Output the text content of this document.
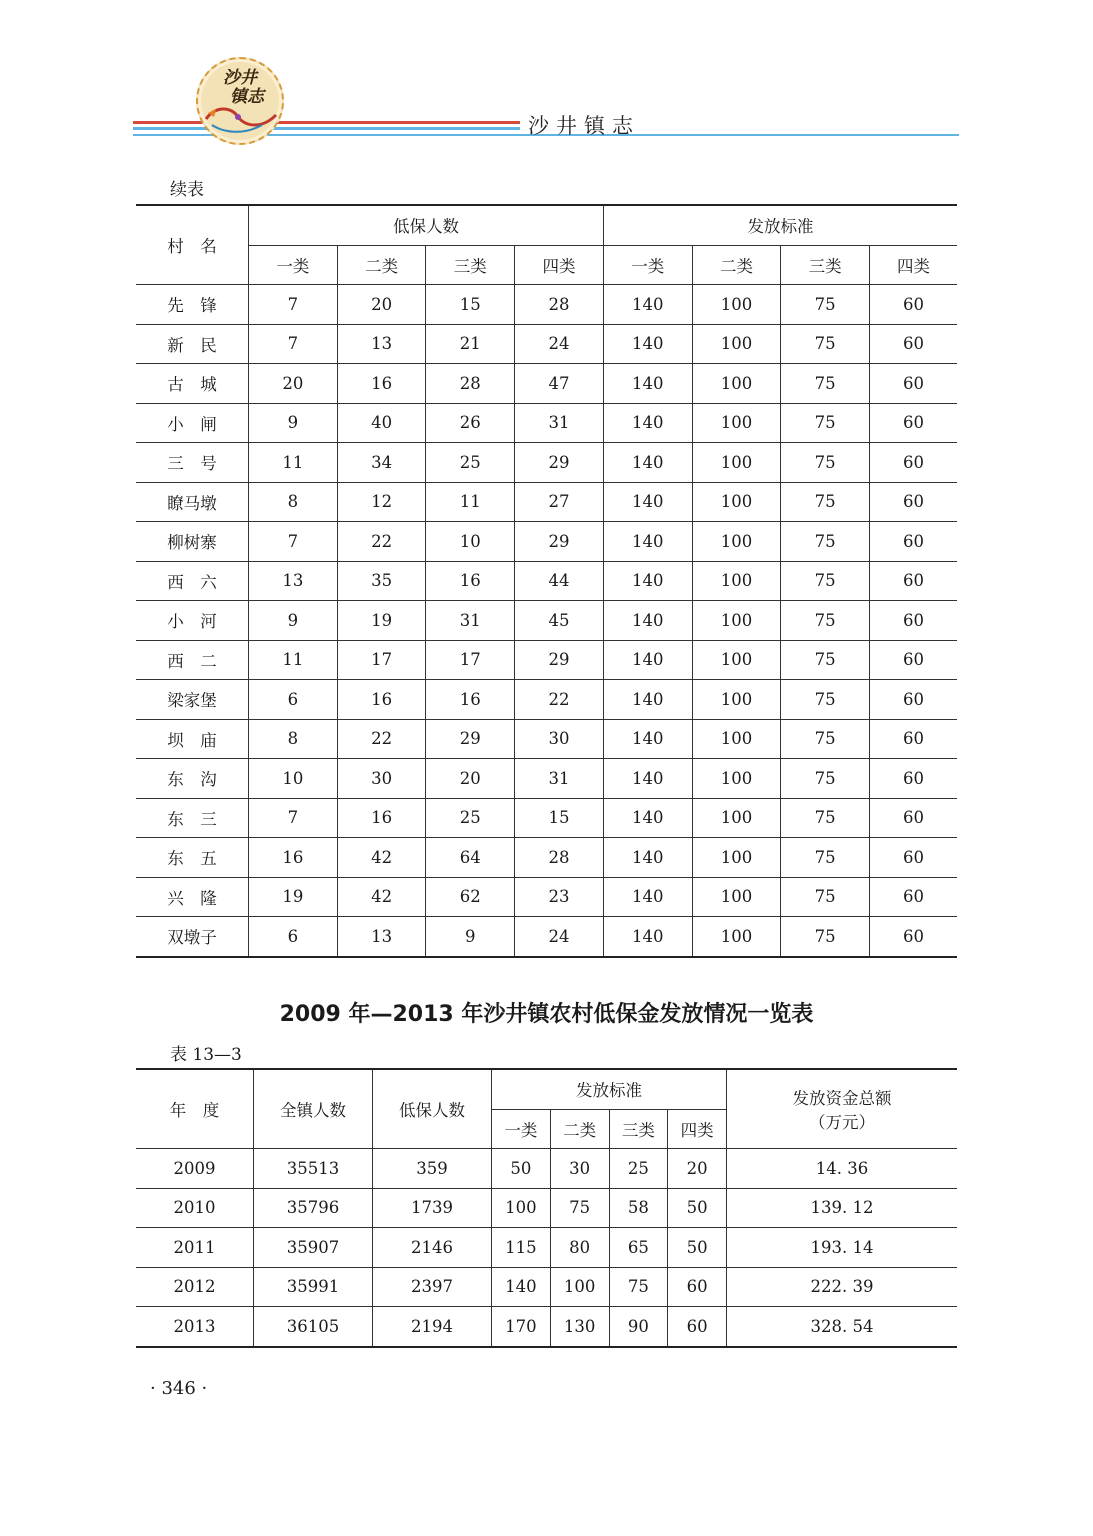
沙井
镇志
沙井镇志
续表
村　名	低保人数				发放标准			
	一类	二类	三类	四类	一类	二类	三类	四类
先　锋	7	20	15	28	140	100	75	60
新　民	7	13	21	24	140	100	75	60
古　城	20	16	28	47	140	100	75	60
小　闸	9	40	26	31	140	100	75	60
三　号	11	34	25	29	140	100	75	60
瞭马墩	8	12	11	27	140	100	75	60
柳树寨	7	22	10	29	140	100	75	60
西　六	13	35	16	44	140	100	75	60
小　河	9	19	31	45	140	100	75	60
西　二	11	17	17	29	140	100	75	60
梁家堡	6	16	16	22	140	100	75	60
坝　庙	8	22	29	30	140	100	75	60
东　沟	10	30	20	31	140	100	75	60
东　三	7	16	25	15	140	100	75	60
东　五	16	42	64	28	140	100	75	60
兴　隆	19	42	62	23	140	100	75	60
双墩子	6	13	9	24	140	100	75	60
2009 年—2013 年沙井镇农村低保金发放情况一览表
表 13—3
年　度	全镇人数	低保人数	发放标准				发放资金总额
（万元）

			一类	二类	三类	四类	
2009	35513	359	50	30	25	20	14. 36
2010	35796	1739	100	75	58	50	139. 12
2011	35907	2146	115	80	65	50	193. 14
2012	35991	2397	140	100	75	60	222. 39
2013	36105	2194	170	130	90	60	328. 54
· 346 ·
